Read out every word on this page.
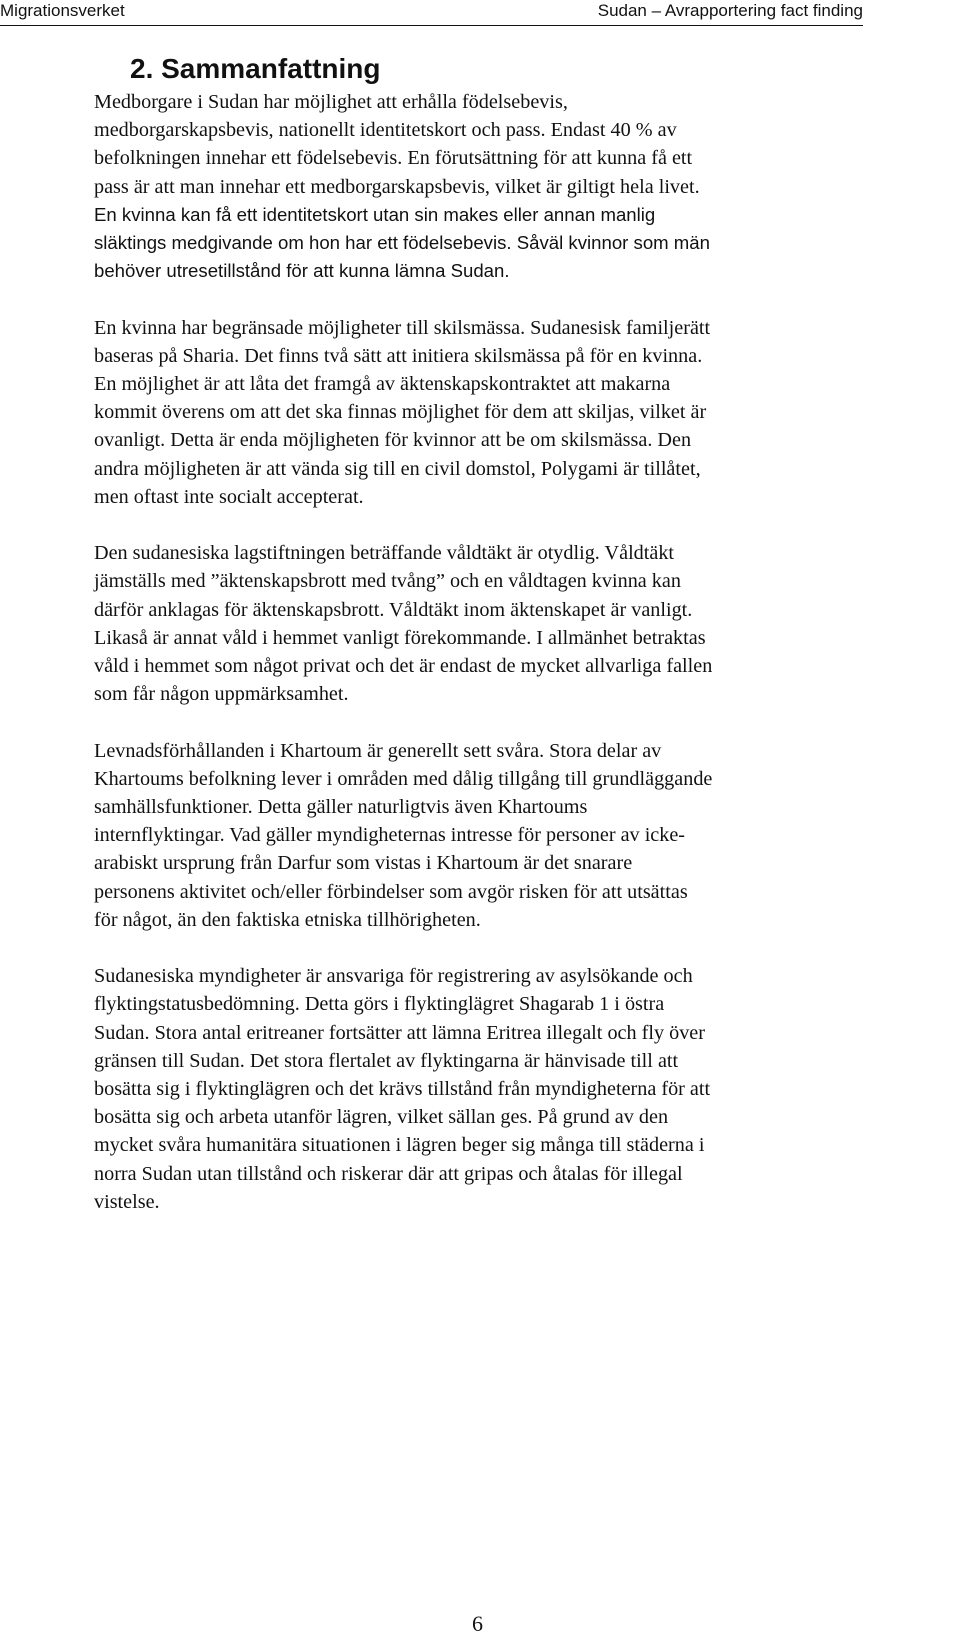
Migrationsverket	Sudan – Avrapportering fact finding
2. Sammanfattning
Medborgare i Sudan har möjlighet att erhålla födelsebevis,
medborgarskapsbevis, nationellt identitetskort och pass. Endast 40 % av
befolkningen innehar ett födelsebevis. En förutsättning för att kunna få ett
pass är att man innehar ett medborgarskapsbevis, vilket är giltigt hela livet.
En kvinna kan få ett identitetskort utan sin makes eller annan manlig
släktings medgivande om hon har ett födelsebevis. Såväl kvinnor som män
behöver utresetillstånd för att kunna lämna Sudan.
En kvinna har begränsade möjligheter till skilsmässa. Sudanesisk familjerätt
baseras på Sharia. Det finns två sätt att initiera skilsmässa på för en kvinna.
En möjlighet är att låta det framgå av äktenskapskontraktet att makarna
kommit överens om att det ska finnas möjlighet för dem att skiljas, vilket är
ovanligt. Detta är enda möjligheten för kvinnor att be om skilsmässa. Den
andra möjligheten är att vända sig till en civil domstol, Polygami är tillåtet,
men oftast inte socialt accepterat.
Den sudanesiska lagstiftningen beträffande våldtäkt är otydlig. Våldtäkt
jämställs med ”äktenskapsbrott med tvång” och en våldtagen kvinna kan
därför anklagas för äktenskapsbrott. Våldtäkt inom äktenskapet är vanligt.
Likaså är annat våld i hemmet vanligt förekommande. I allmänhet betraktas
våld i hemmet som något privat och det är endast de mycket allvarliga fallen
som får någon uppmärksamhet.
Levnadsförhållanden i Khartoum är generellt sett svåra. Stora delar av
Khartoums befolkning lever i områden med dålig tillgång till grundläggande
samhällsfunktioner. Detta gäller naturligtvis även Khartoums
internflyktingar. Vad gäller myndigheternas intresse för personer av icke-
arabiskt ursprung från Darfur som vistas i Khartoum är det snarare
personens aktivitet och/eller förbindelser som avgör risken för att utsättas
för något, än den faktiska etniska tillhörigheten.
Sudanesiska myndigheter är ansvariga för registrering av asylsökande och
flyktingstatusbedömning. Detta görs i flyktinglägret Shagarab 1 i östra
Sudan. Stora antal eritreaner fortsätter att lämna Eritrea illegalt och fly över
gränsen till Sudan. Det stora flertalet av flyktingarna är hänvisade till att
bosätta sig i flyktinglägren och det krävs tillstånd från myndigheterna för att
bosätta sig och arbeta utanför lägren, vilket sällan ges. På grund av den
mycket svåra humanitära situationen i lägren beger sig många till städerna i
norra Sudan utan tillstånd och riskerar där att gripas och åtalas för illegal
vistelse.
6
